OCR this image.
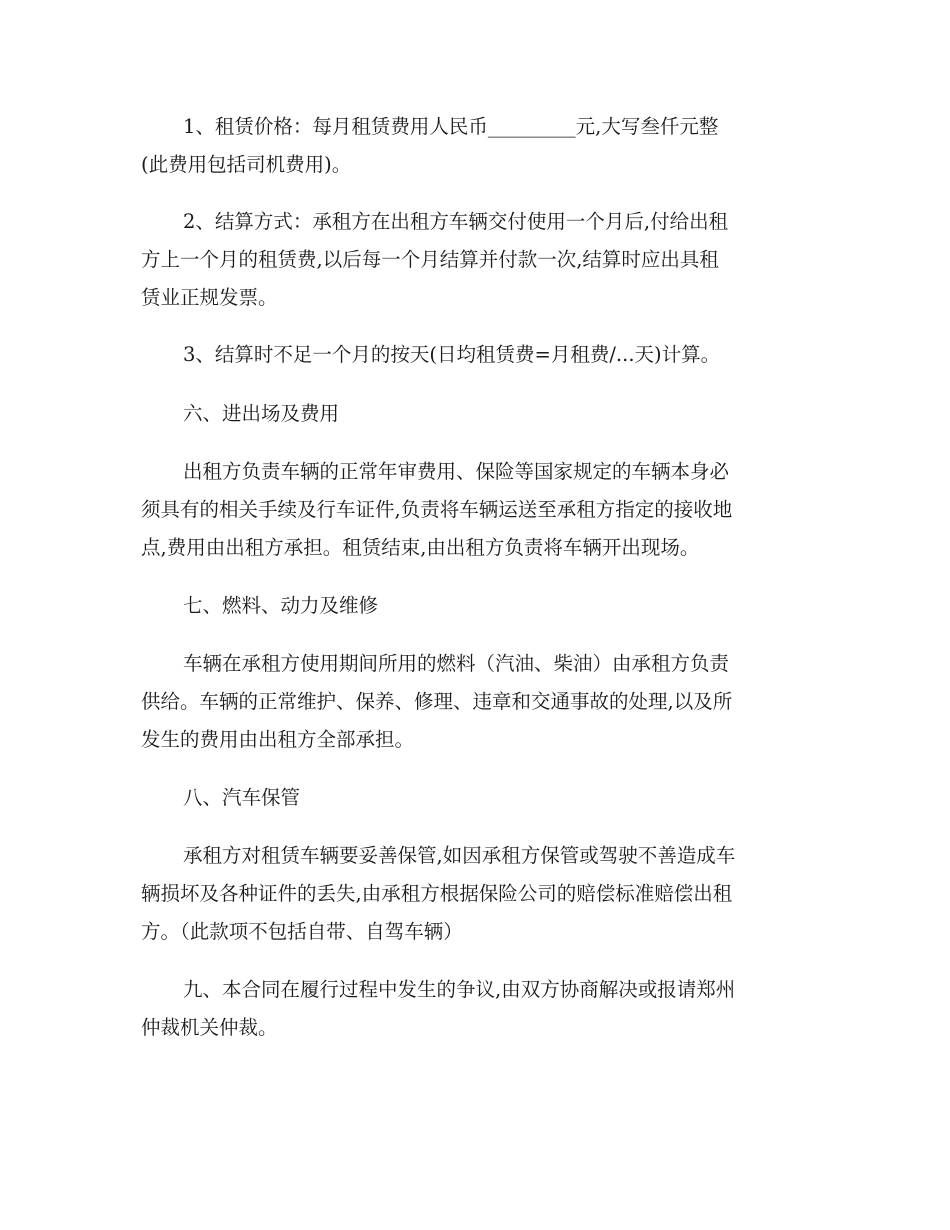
1、租赁价格：每月租赁费用人民币_________元,大写叁仟元整
(此费用包括司机费用)。
2、结算方式：承租方在出租方车辆交付使用一个月后,付给出租
方上一个月的租赁费,以后每一个月结算并付款一次,结算时应出具租
赁业正规发票。
3、结算时不足一个月的按天(日均租赁费=月租费/...天)计算。
六、进出场及费用
出租方负责车辆的正常年审费用、保险等国家规定的车辆本身必
须具有的相关手续及行车证件,负责将车辆运送至承租方指定的接收地
点,费用由出租方承担。租赁结束,由出租方负责将车辆开出现场。
七、燃料、动力及维修
车辆在承租方使用期间所用的燃料（汽油、柴油）由承租方负责
供给。车辆的正常维护、保养、修理、违章和交通事故的处理,以及所
发生的费用由出租方全部承担。
八、汽车保管
承租方对租赁车辆要妥善保管,如因承租方保管或驾驶不善造成车
辆损坏及各种证件的丢失,由承租方根据保险公司的赔偿标准赔偿出租
方。（此款项不包括自带、自驾车辆）
九、本合同在履行过程中发生的争议,由双方协商解决或报请郑州
仲裁机关仲裁。
